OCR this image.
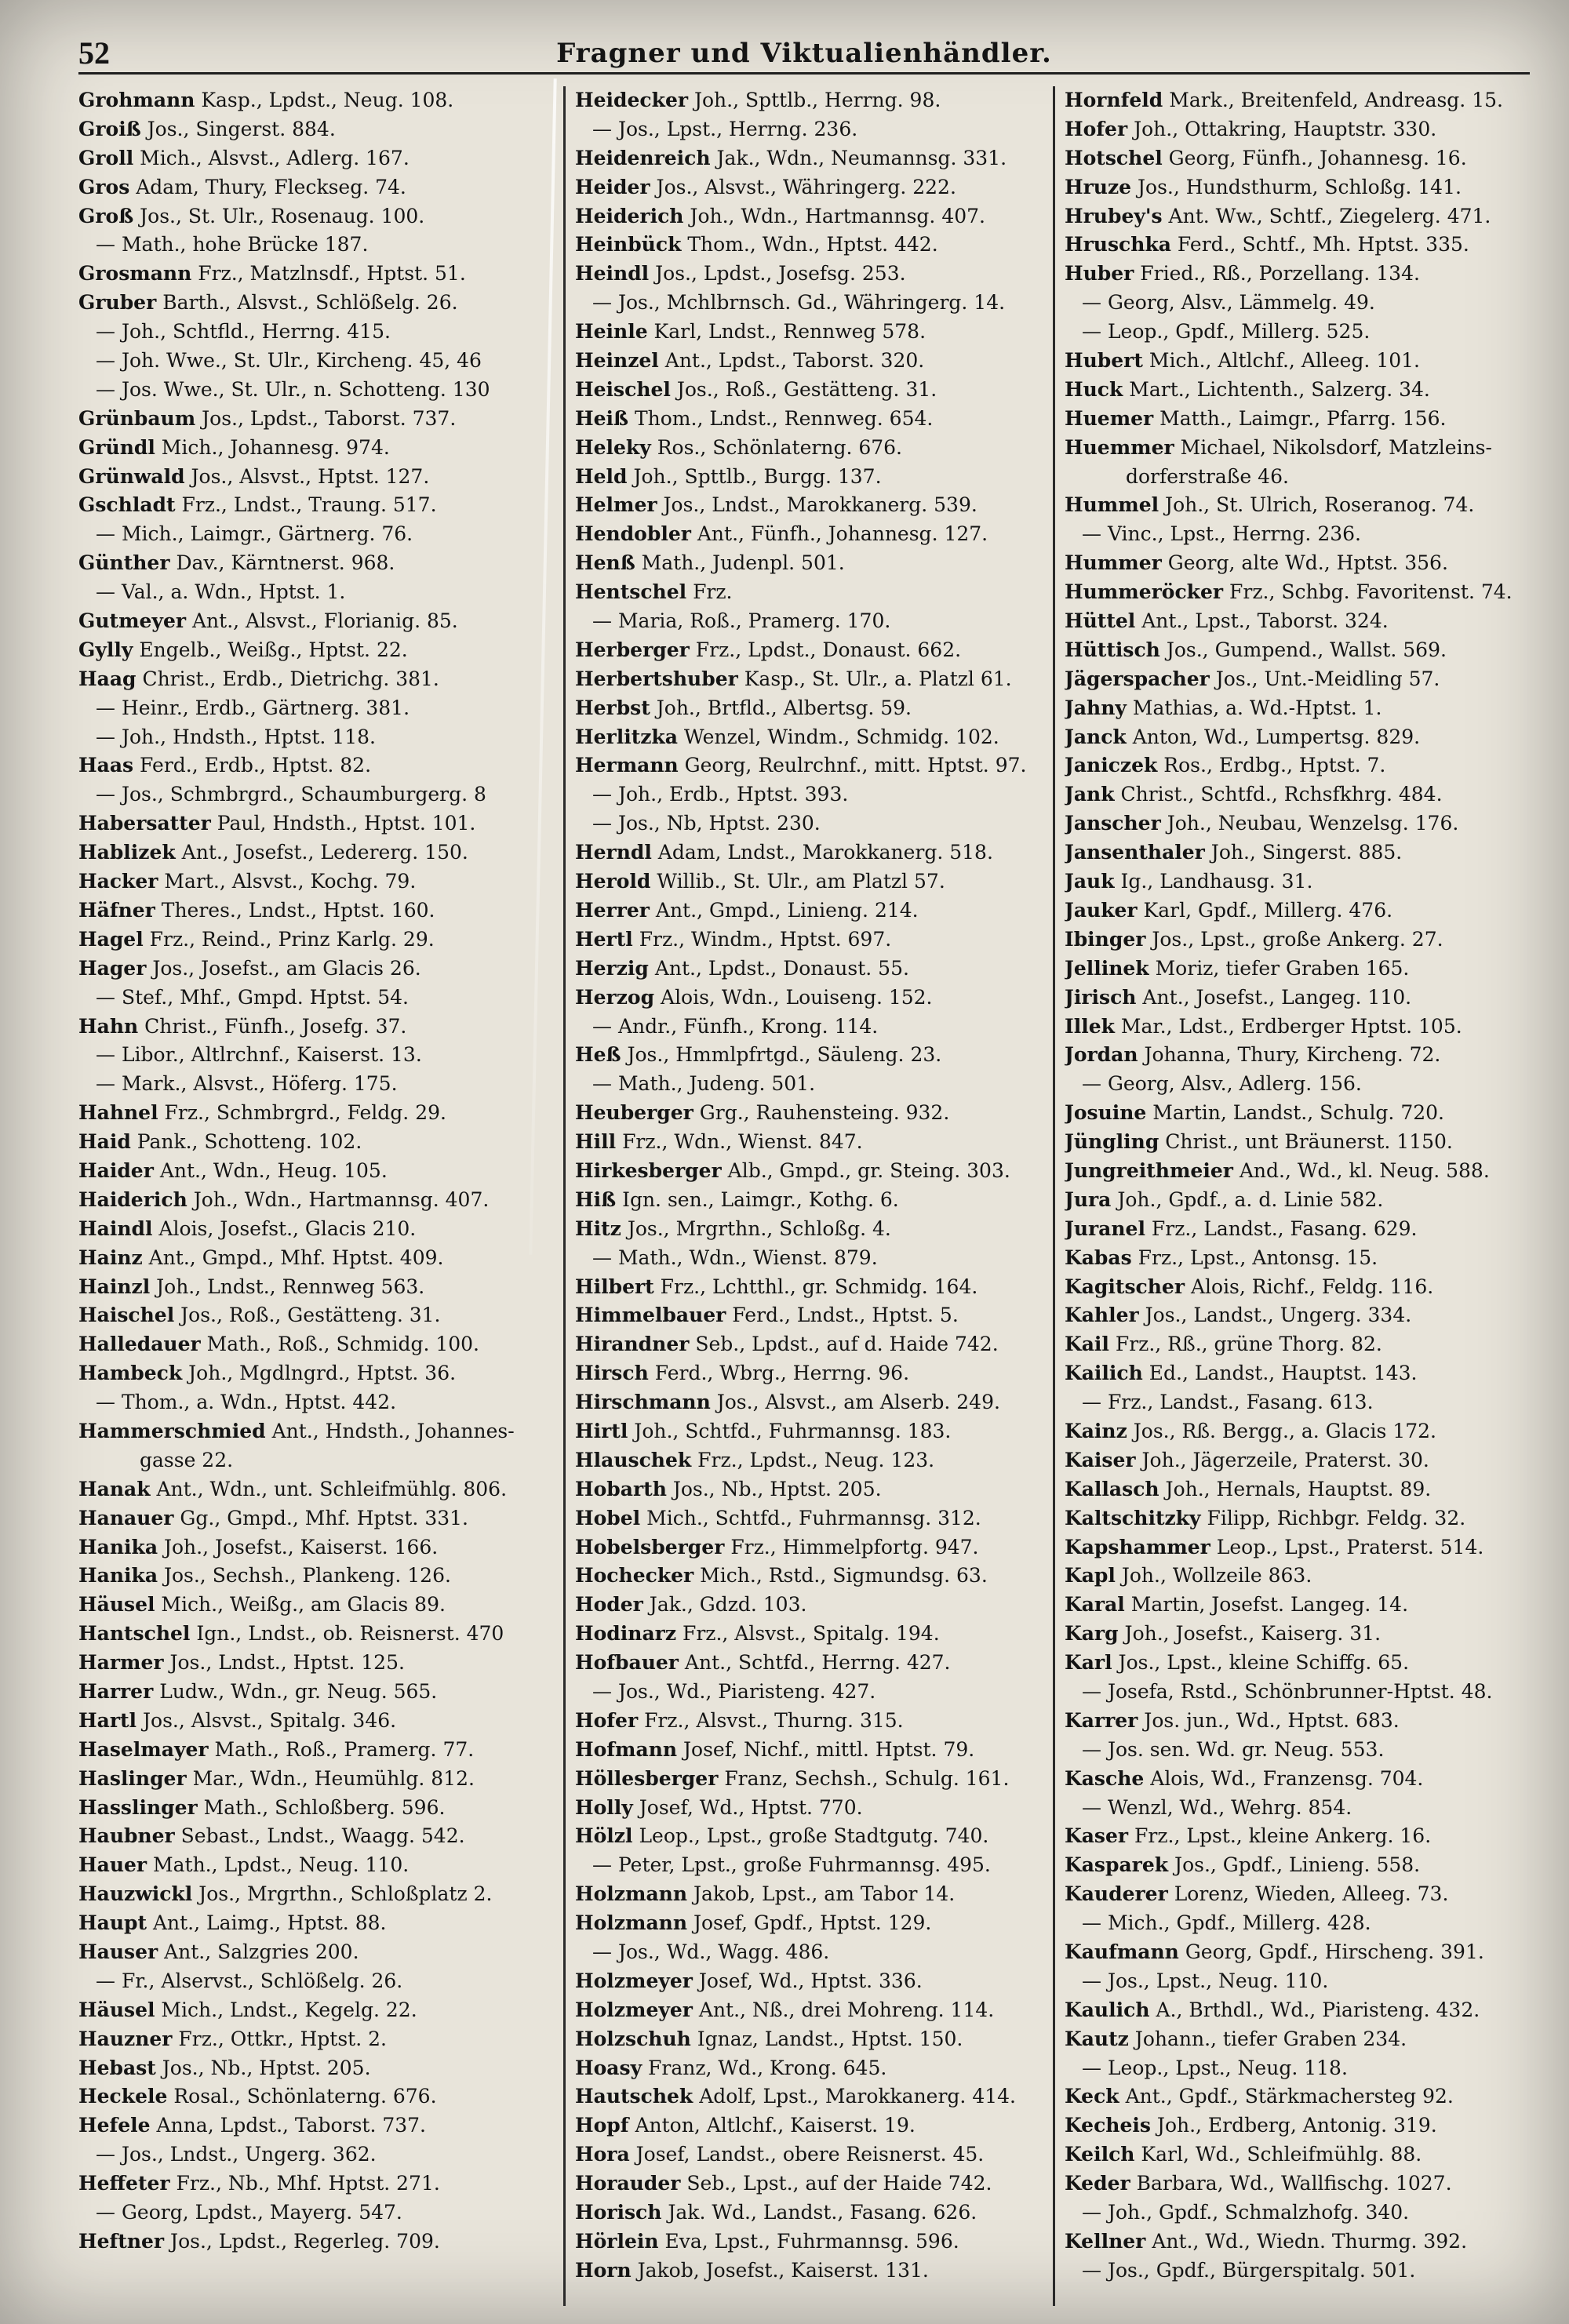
52	Fragner und Viktualienhändler.
Grohmann Kasp., Lpdst., Neug. 108.
Groiß Jos., Singerst. 884.
Groll Mich., Alsvst., Adlerg. 167.
Gros Adam, Thury, Fleckseg. 74.
Groß Jos., St. Ulr., Rosenaug. 100.
— Math., hohe Brücke 187.
Grosmann Frz., Matzlnsdf., Hptst. 51.
Gruber Barth., Alsvst., Schlößelg. 26.
— Joh., Schtfld., Herrng. 415.
— Joh. Wwe., St. Ulr., Kircheng. 45, 46
— Jos. Wwe., St. Ulr., n. Schotteng. 130
Grünbaum Jos., Lpdst., Taborst. 737.
Gründl Mich., Johannesg. 974.
Grünwald Jos., Alsvst., Hptst. 127.
Gschladt Frz., Lndst., Traung. 517.
— Mich., Laimgr., Gärtnerg. 76.
Günther Dav., Kärntnerst. 968.
— Val., a. Wdn., Hptst. 1.
Gutmeyer Ant., Alsvst., Florianig. 85.
Gylly Engelb., Weißg., Hptst. 22.
Haag Christ., Erdb., Dietrichg. 381.
— Heinr., Erdb., Gärtnerg. 381.
— Joh., Hndsth., Hptst. 118.
Haas Ferd., Erdb., Hptst. 82.
— Jos., Schmbrgrd., Schaumburgerg. 8
Habersatter Paul, Hndsth., Hptst. 101.
Hablizek Ant., Josefst., Ledererg. 150.
Hacker Mart., Alsvst., Kochg. 79.
Häfner Theres., Lndst., Hptst. 160.
Hagel Frz., Reind., Prinz Karlg. 29.
Hager Jos., Josefst., am Glacis 26.
— Stef., Mhf., Gmpd. Hptst. 54.
Hahn Christ., Fünfh., Josefg. 37.
— Libor., Altlrchnf., Kaiserst. 13.
— Mark., Alsvst., Höferg. 175.
Hahnel Frz., Schmbrgrd., Feldg. 29.
Haid Pank., Schotteng. 102.
Haider Ant., Wdn., Heug. 105.
Haiderich Joh., Wdn., Hartmannsg. 407.
Haindl Alois, Josefst., Glacis 210.
Hainz Ant., Gmpd., Mhf. Hptst. 409.
Hainzl Joh., Lndst., Rennweg 563.
Haischel Jos., Roß., Gestätteng. 31.
Halledauer Math., Roß., Schmidg. 100.
Hambeck Joh., Mgdlngrd., Hptst. 36.
— Thom., a. Wdn., Hptst. 442.
Hammerschmied Ant., Hndsth., Johannes-
gasse 22.
Hanak Ant., Wdn., unt. Schleifmühlg. 806.
Hanauer Gg., Gmpd., Mhf. Hptst. 331.
Hanika Joh., Josefst., Kaiserst. 166.
Hanika Jos., Sechsh., Plankeng. 126.
Häusel Mich., Weißg., am Glacis 89.
Hantschel Ign., Lndst., ob. Reisnerst. 470
Harmer Jos., Lndst., Hptst. 125.
Harrer Ludw., Wdn., gr. Neug. 565.
Hartl Jos., Alsvst., Spitalg. 346.
Haselmayer Math., Roß., Pramerg. 77.
Haslinger Mar., Wdn., Heumühlg. 812.
Hasslinger Math., Schloßberg. 596.
Haubner Sebast., Lndst., Waagg. 542.
Hauer Math., Lpdst., Neug. 110.
Hauzwickl Jos., Mrgrthn., Schloßplatz 2.
Haupt Ant., Laimg., Hptst. 88.
Hauser Ant., Salzgries 200.
— Fr., Alservst., Schlößelg. 26.
Häusel Mich., Lndst., Kegelg. 22.
Hauzner Frz., Ottkr., Hptst. 2.
Hebast Jos., Nb., Hptst. 205.
Heckele Rosal., Schönlaterng. 676.
Hefele Anna, Lpdst., Taborst. 737.
— Jos., Lndst., Ungerg. 362.
Heffeter Frz., Nb., Mhf. Hptst. 271.
— Georg, Lpdst., Mayerg. 547.
Heftner Jos., Lpdst., Regerleg. 709.
Heidecker Joh., Spttlb., Herrng. 98.
— Jos., Lpst., Herrng. 236.
Heidenreich Jak., Wdn., Neumannsg. 331.
Heider Jos., Alsvst., Währingerg. 222.
Heiderich Joh., Wdn., Hartmannsg. 407.
Heinbück Thom., Wdn., Hptst. 442.
Heindl Jos., Lpdst., Josefsg. 253.
— Jos., Mchlbrnsch. Gd., Währingerg. 14.
Heinle Karl, Lndst., Rennweg 578.
Heinzel Ant., Lpdst., Taborst. 320.
Heischel Jos., Roß., Gestätteng. 31.
Heiß Thom., Lndst., Rennweg. 654.
Heleky Ros., Schönlaterng. 676.
Held Joh., Spttlb., Burgg. 137.
Helmer Jos., Lndst., Marokkanerg. 539.
Hendobler Ant., Fünfh., Johannesg. 127.
Henß Math., Judenpl. 501.
Hentschel Frz.
— Maria, Roß., Pramerg. 170.
Herberger Frz., Lpdst., Donaust. 662.
Herbertshuber Kasp., St. Ulr., a. Platzl 61.
Herbst Joh., Brtfld., Albertsg. 59.
Herlitzka Wenzel, Windm., Schmidg. 102.
Hermann Georg, Reulrchnf., mitt. Hptst. 97.
— Joh., Erdb., Hptst. 393.
— Jos., Nb, Hptst. 230.
Herndl Adam, Lndst., Marokkanerg. 518.
Herold Willib., St. Ulr., am Platzl 57.
Herrer Ant., Gmpd., Linieng. 214.
Hertl Frz., Windm., Hptst. 697.
Herzig Ant., Lpdst., Donaust. 55.
Herzog Alois, Wdn., Louiseng. 152.
— Andr., Fünfh., Krong. 114.
Heß Jos., Hmmlpfrtgd., Säuleng. 23.
— Math., Judeng. 501.
Heuberger Grg., Rauhensteing. 932.
Hill Frz., Wdn., Wienst. 847.
Hirkesberger Alb., Gmpd., gr. Steing. 303.
Hiß Ign. sen., Laimgr., Kothg. 6.
Hitz Jos., Mrgrthn., Schloßg. 4.
— Math., Wdn., Wienst. 879.
Hilbert Frz., Lchtthl., gr. Schmidg. 164.
Himmelbauer Ferd., Lndst., Hptst. 5.
Hirandner Seb., Lpdst., auf d. Haide 742.
Hirsch Ferd., Wbrg., Herrng. 96.
Hirschmann Jos., Alsvst., am Alserb. 249.
Hirtl Joh., Schtfd., Fuhrmannsg. 183.
Hlauschek Frz., Lpdst., Neug. 123.
Hobarth Jos., Nb., Hptst. 205.
Hobel Mich., Schtfd., Fuhrmannsg. 312.
Hobelsberger Frz., Himmelpfortg. 947.
Hochecker Mich., Rstd., Sigmundsg. 63.
Hoder Jak., Gdzd. 103.
Hodinarz Frz., Alsvst., Spitalg. 194.
Hofbauer Ant., Schtfd., Herrng. 427.
— Jos., Wd., Piaristeng. 427.
Hofer Frz., Alsvst., Thurng. 315.
Hofmann Josef, Nichf., mittl. Hptst. 79.
Höllesberger Franz, Sechsh., Schulg. 161.
Holly Josef, Wd., Hptst. 770.
Hölzl Leop., Lpst., große Stadtgutg. 740.
— Peter, Lpst., große Fuhrmannsg. 495.
Holzmann Jakob, Lpst., am Tabor 14.
Holzmann Josef, Gpdf., Hptst. 129.
— Jos., Wd., Wagg. 486.
Holzmeyer Josef, Wd., Hptst. 336.
Holzmeyer Ant., Nß., drei Mohreng. 114.
Holzschuh Ignaz, Landst., Hptst. 150.
Hoasy Franz, Wd., Krong. 645.
Hautschek Adolf, Lpst., Marokkanerg. 414.
Hopf Anton, Altlchf., Kaiserst. 19.
Hora Josef, Landst., obere Reisnerst. 45.
Horauder Seb., Lpst., auf der Haide 742.
Horisch Jak. Wd., Landst., Fasang. 626.
Hörlein Eva, Lpst., Fuhrmannsg. 596.
Horn Jakob, Josefst., Kaiserst. 131.
Hornfeld Mark., Breitenfeld, Andreasg. 15.
Hofer Joh., Ottakring, Hauptstr. 330.
Hotschel Georg, Fünfh., Johannesg. 16.
Hruze Jos., Hundsthurm, Schloßg. 141.
Hrubey's Ant. Ww., Schtf., Ziegelerg. 471.
Hruschka Ferd., Schtf., Mh. Hptst. 335.
Huber Fried., Rß., Porzellang. 134.
— Georg, Alsv., Lämmelg. 49.
— Leop., Gpdf., Millerg. 525.
Hubert Mich., Altlchf., Alleeg. 101.
Huck Mart., Lichtenth., Salzerg. 34.
Huemer Matth., Laimgr., Pfarrg. 156.
Huemmer Michael, Nikolsdorf, Matzleins-
dorferstraße 46.
Hummel Joh., St. Ulrich, Roseranog. 74.
— Vinc., Lpst., Herrng. 236.
Hummer Georg, alte Wd., Hptst. 356.
Hummeröcker Frz., Schbg. Favoritenst. 74.
Hüttel Ant., Lpst., Taborst. 324.
Hüttisch Jos., Gumpend., Wallst. 569.
Jägerspacher Jos., Unt.-Meidling 57.
Jahny Mathias, a. Wd.-Hptst. 1.
Janck Anton, Wd., Lumpertsg. 829.
Janiczek Ros., Erdbg., Hptst. 7.
Jank Christ., Schtfd., Rchsfkhrg. 484.
Janscher Joh., Neubau, Wenzelsg. 176.
Jansenthaler Joh., Singerst. 885.
Jauk Ig., Landhausg. 31.
Jauker Karl, Gpdf., Millerg. 476.
Ibinger Jos., Lpst., große Ankerg. 27.
Jellinek Moriz, tiefer Graben 165.
Jirisch Ant., Josefst., Langeg. 110.
Illek Mar., Ldst., Erdberger Hptst. 105.
Jordan Johanna, Thury, Kircheng. 72.
— Georg, Alsv., Adlerg. 156.
Josuine Martin, Landst., Schulg. 720.
Jüngling Christ., unt Bräunerst. 1150.
Jungreithmeier And., Wd., kl. Neug. 588.
Jura Joh., Gpdf., a. d. Linie 582.
Juranel Frz., Landst., Fasang. 629.
Kabas Frz., Lpst., Antonsg. 15.
Kagitscher Alois, Richf., Feldg. 116.
Kahler Jos., Landst., Ungerg. 334.
Kail Frz., Rß., grüne Thorg. 82.
Kailich Ed., Landst., Hauptst. 143.
— Frz., Landst., Fasang. 613.
Kainz Jos., Rß. Bergg., a. Glacis 172.
Kaiser Joh., Jägerzeile, Praterst. 30.
Kallasch Joh., Hernals, Hauptst. 89.
Kaltschitzky Filipp, Richbgr. Feldg. 32.
Kapshammer Leop., Lpst., Praterst. 514.
Kapl Joh., Wollzeile 863.
Karal Martin, Josefst. Langeg. 14.
Karg Joh., Josefst., Kaiserg. 31.
Karl Jos., Lpst., kleine Schiffg. 65.
— Josefa, Rstd., Schönbrunner-Hptst. 48.
Karrer Jos. jun., Wd., Hptst. 683.
— Jos. sen. Wd. gr. Neug. 553.
Kasche Alois, Wd., Franzensg. 704.
— Wenzl, Wd., Wehrg. 854.
Kaser Frz., Lpst., kleine Ankerg. 16.
Kasparek Jos., Gpdf., Linieng. 558.
Kauderer Lorenz, Wieden, Alleeg. 73.
— Mich., Gpdf., Millerg. 428.
Kaufmann Georg, Gpdf., Hirscheng. 391.
— Jos., Lpst., Neug. 110.
Kaulich A., Brthdl., Wd., Piaristeng. 432.
Kautz Johann., tiefer Graben 234.
— Leop., Lpst., Neug. 118.
Keck Ant., Gpdf., Stärkmachersteg 92.
Kecheis Joh., Erdberg, Antonig. 319.
Keilch Karl, Wd., Schleifmühlg. 88.
Keder Barbara, Wd., Wallfischg. 1027.
— Joh., Gpdf., Schmalzhofg. 340.
Kellner Ant., Wd., Wiedn. Thurmg. 392.
— Jos., Gpdf., Bürgerspitalg. 501.
